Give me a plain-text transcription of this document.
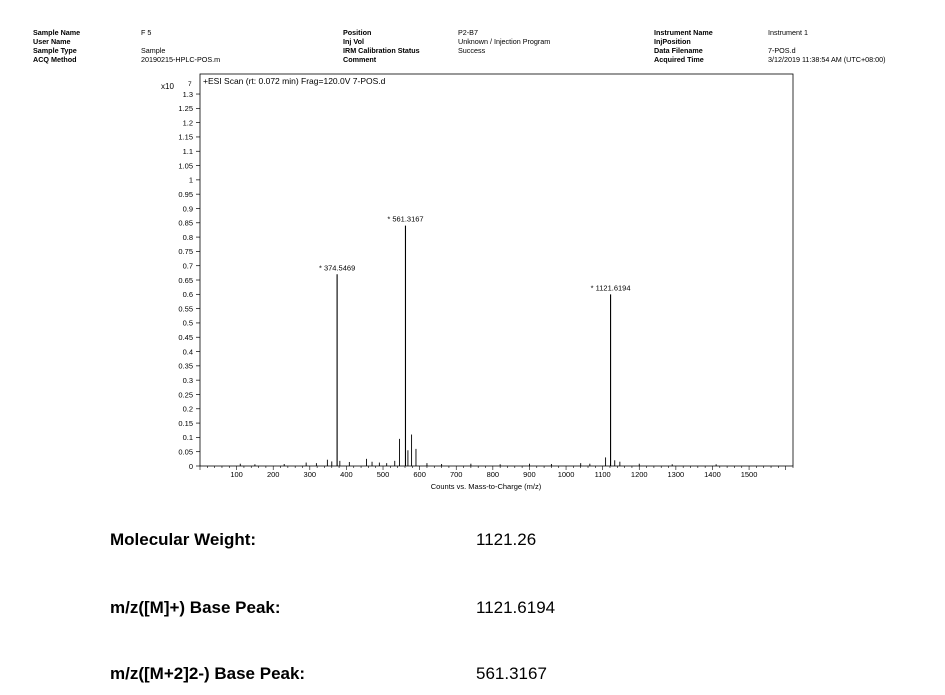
Sample Name	F 5
User Name
Sample Type	Sample
ACQ Method	20190215-HPLC-POS.m
Position	P2-B7
Inj Vol	Unknown / Injection Program
IRM Calibration Status	Success
Comment
Instrument Name	Instrument 1
InjPosition
Data Filename	7-POS.d
Acquired Time	3/12/2019 11:38:54 AM (UTC+08:00)
+ESI Scan (rt: 0.072 min) Frag=120.0V 7-POS.d
x10 7
0
0.05
0.1
0.15
0.2
0.25
0.3
0.35
0.4
0.45
0.5
0.55
0.6
0.65
0.7
0.75
0.8
0.85
0.9
0.95
1
1.05
1.1
1.15
1.2
1.25
1.3
100	200	300	400	500	600	700	800	900	1000	1100	1200	1300	1400	1500
* 374.5469
* 561.3167
* 1121.6194
Counts vs. Mass-to-Charge (m/z)
Molecular Weight:	1121.26
m/z([M]+) Base Peak:	1121.6194
m/z([M+2]2-) Base Peak:	561.3167
